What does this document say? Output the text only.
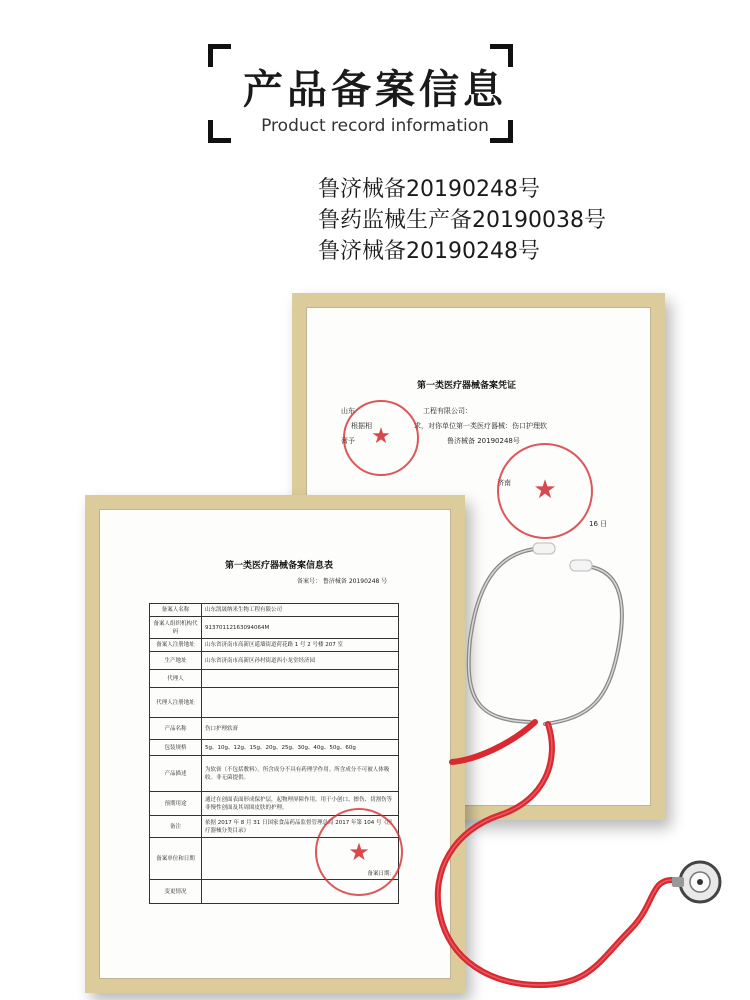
产品备案信息
Product record information
鲁济械备20190248号
鲁药监械生产备20190038号
鲁济械备20190248号
第一类医疗器械备案凭证
山东	工程有限公司：
根据相	求，对你单位第一类医疗器械：伤口护理软
膏予	鲁济械备 20190248号
济南
16 日
★
★
第一类医疗器械备案信息表
备案号： 鲁济械备 20190248 号
备案人名称	山东凯晟纳米生物工程有限公司
备案人组织机构代码	91370112163094064M
备案人注册地址	山东省济南市高新区遥墙街道荷花路 1 号 2 号楼 207 室
生产地址	山东省济南市高新区孙村街道西小龙堂经济园
代理人	
代理人注册地址	
产品名称	伤口护理软膏
包装规格	5g、10g、12g、15g、20g、25g、30g、40g、50g、60g
产品描述	为软膏（不包括敷料）。所含成分不具有药理学作用。所含成分不可被人体吸收。非无菌提供。
预期用途	通过在创面表面形成保护层，起物理屏障作用。用于小创口、擦伤、切割伤等非慢性创面及其周围皮肤的护理。
备注	依据 2017 年 8 月 31 日国家食品药品监督管理总局 2017 年第 104 号《医疗器械分类目录》
备案单位和日期	备案日期：
变更情况	
★
